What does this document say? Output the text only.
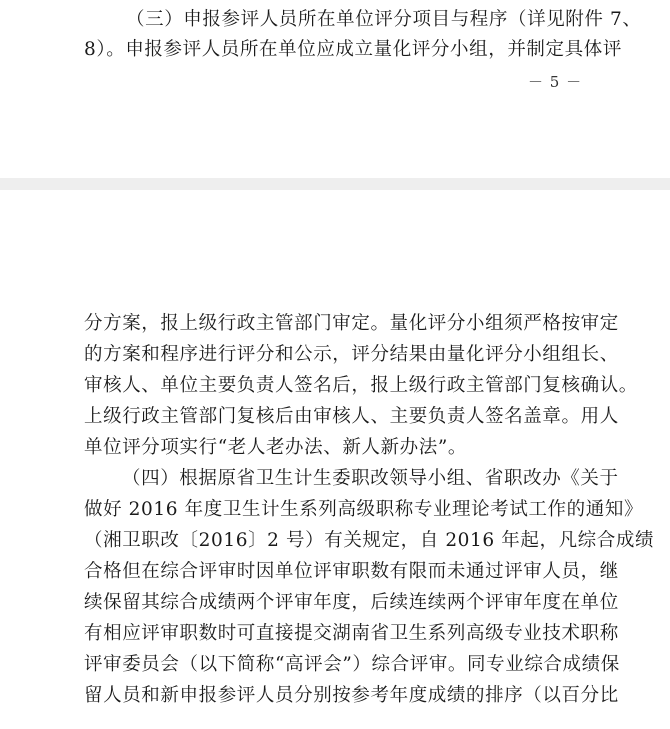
（三）申报参评人员所在单位评分项目与程序（详见附件 7、
8）。申报参评人员所在单位应成立量化评分小组，并制定具体评
－ 5 －
分方案，报上级行政主管部门审定。量化评分小组须严格按审定
的方案和程序进行评分和公示，评分结果由量化评分小组组长、
审核人、单位主要负责人签名后，报上级行政主管部门复核确认。
上级行政主管部门复核后由审核人、主要负责人签名盖章。用人
单位评分项实行“老人老办法、新人新办法”。
（四）根据原省卫生计生委职改领导小组、省职改办《关于
做好 2016 年度卫生计生系列高级职称专业理论考试工作的通知》
（湘卫职改〔2016〕2 号）有关规定，自 2016 年起，凡综合成绩
合格但在综合评审时因单位评审职数有限而未通过评审人员，继
续保留其综合成绩两个评审年度，后续连续两个评审年度在单位
有相应评审职数时可直接提交湖南省卫生系列高级专业技术职称
评审委员会（以下简称“高评会”）综合评审。同专业综合成绩保
留人员和新申报参评人员分别按参考年度成绩的排序（以百分比
